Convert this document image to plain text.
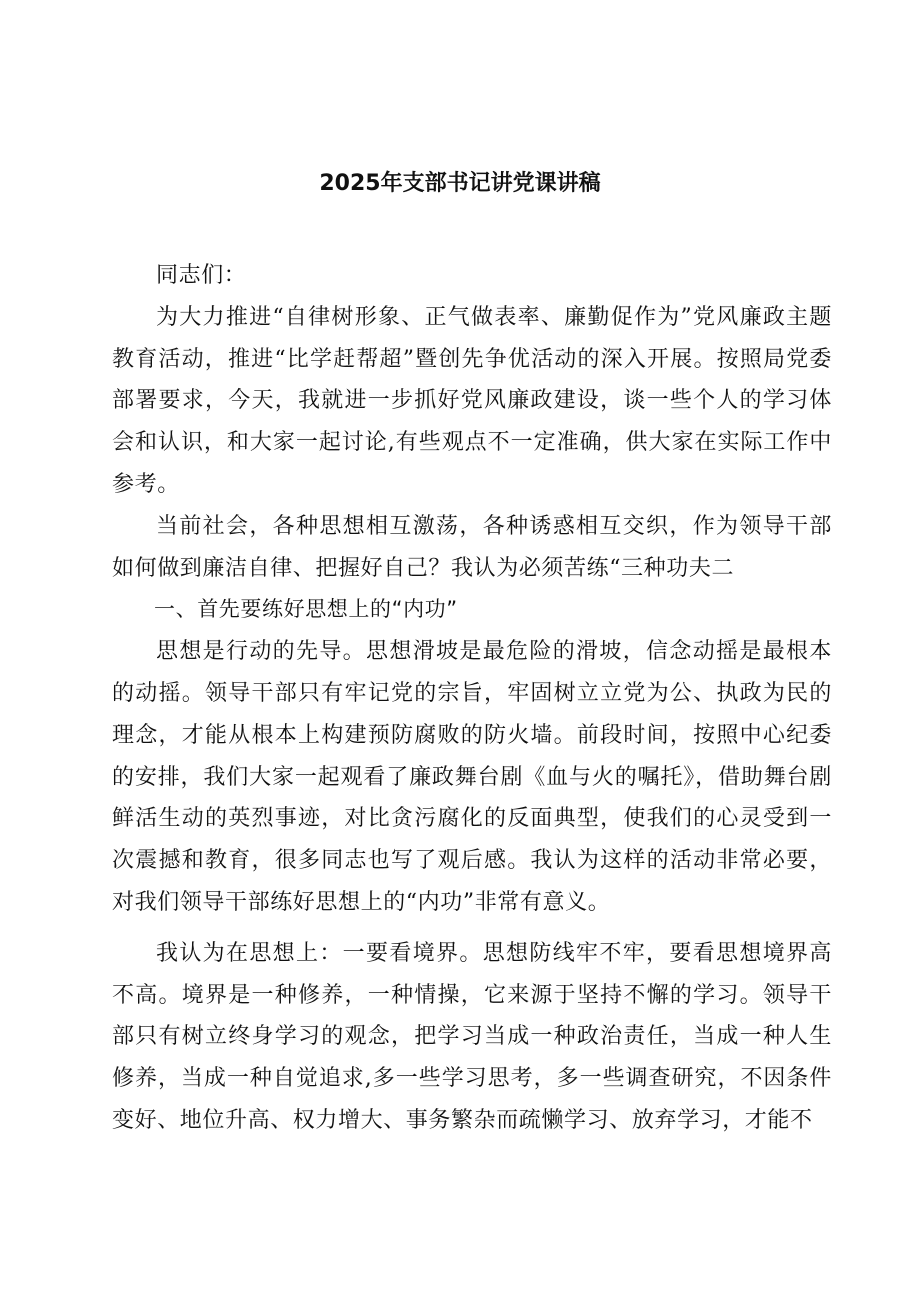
2025年支部书记讲党课讲稿

同志们：

为大力推进“自律树形象、正气做表率、廉勤促作为”党风廉政主题教育活动，推进“比学赶帮超”暨创先争优活动的深入开展。按照局党委部署要求，今天，我就进一步抓好党风廉政建设，谈一些个人的学习体会和认识，和大家一起讨论,有些观点不一定准确，供大家在实际工作中参考。

当前社会，各种思想相互激荡，各种诱惑相互交织，作为领导干部如何做到廉洁自律、把握好自己？我认为必须苦练“三种功夫二

一、首先要练好思想上的“内功”

思想是行动的先导。思想滑坡是最危险的滑坡，信念动摇是最根本的动摇。领导干部只有牢记党的宗旨，牢固树立立党为公、执政为民的理念，才能从根本上构建预防腐败的防火墙。前段时间，按照中心纪委的安排，我们大家一起观看了廉政舞台剧《血与火的嘱托》，借助舞台剧鲜活生动的英烈事迹，对比贪污腐化的反面典型，使我们的心灵受到一次震撼和教育，很多同志也写了观后感。我认为这样的活动非常必要，对我们领导干部练好思想上的“内功”非常有意义。

我认为在思想上：一要看境界。思想防线牢不牢，要看思想境界高不高。境界是一种修养，一种情操，它来源于坚持不懈的学习。领导干部只有树立终身学习的观念，把学习当成一种政治责任，当成一种人生修养，当成一种自觉追求,多一些学习思考，多一些调查研究，不因条件变好、地位升高、权力增大、事务繁杂而疏懒学习、放弃学习，才能不
